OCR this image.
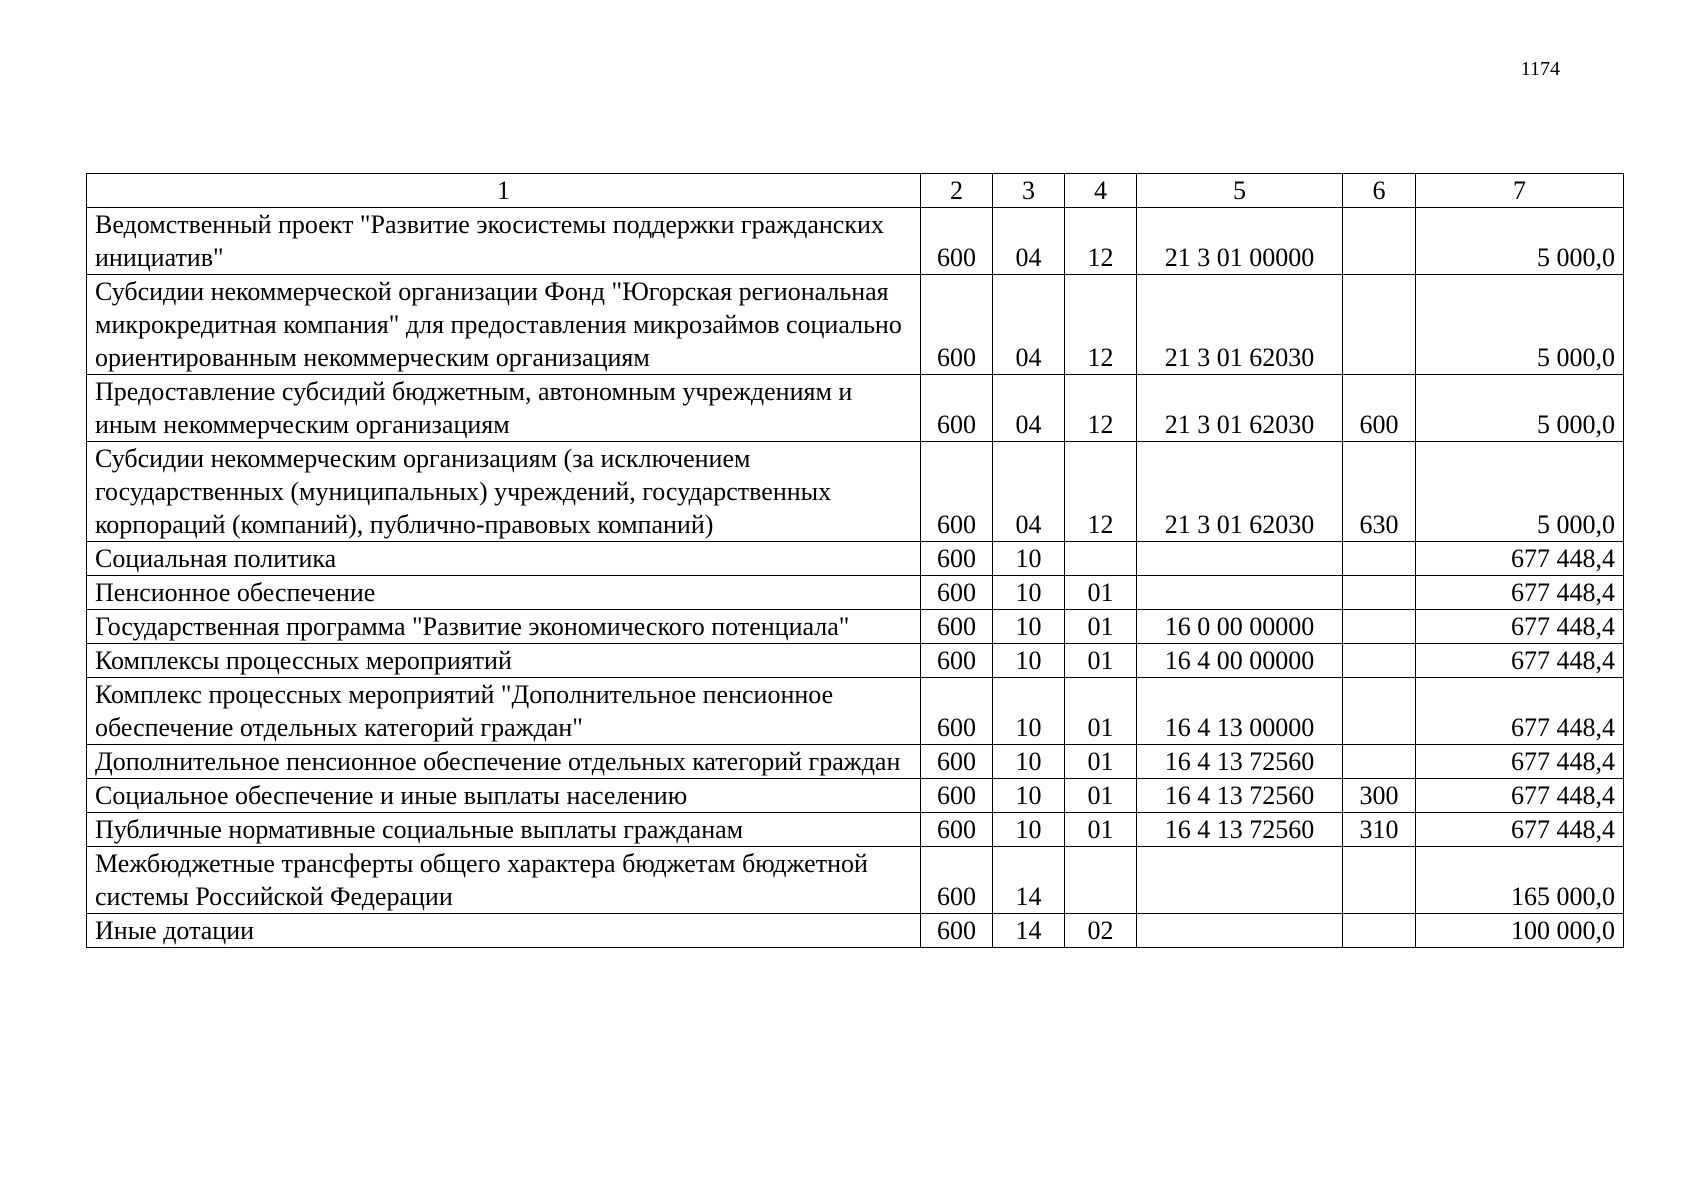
1174
1	2	3	4	5	6	7
Ведомственный проект "Развитие экосистемы поддержки гражданских инициатив"	600	04	12	21 3 01 00000		5 000,0
Субсидии некоммерческой организации Фонд "Югорская региональная микрокредитная компания" для предоставления микрозаймов социально ориентированным некоммерческим организациям	600	04	12	21 3 01 62030		5 000,0
Предоставление субсидий бюджетным, автономным учреждениям и иным некоммерческим организациям	600	04	12	21 3 01 62030	600	5 000,0
Субсидии некоммерческим организациям (за исключением государственных (муниципальных) учреждений, государственных корпораций (компаний), публично-правовых компаний)	600	04	12	21 3 01 62030	630	5 000,0
Социальная политика	600	10				677 448,4
Пенсионное обеспечение	600	10	01			677 448,4
Государственная программа "Развитие экономического потенциала"	600	10	01	16 0 00 00000		677 448,4
Комплексы процессных мероприятий	600	10	01	16 4 00 00000		677 448,4
Комплекс процессных мероприятий "Дополнительное пенсионное обеспечение отдельных категорий граждан"	600	10	01	16 4 13 00000		677 448,4
Дополнительное пенсионное обеспечение отдельных категорий граждан	600	10	01	16 4 13 72560		677 448,4
Социальное обеспечение и иные выплаты населению	600	10	01	16 4 13 72560	300	677 448,4
Публичные нормативные социальные выплаты гражданам	600	10	01	16 4 13 72560	310	677 448,4
Межбюджетные трансферты общего характера бюджетам бюджетной системы Российской Федерации	600	14				165 000,0
Иные дотации	600	14	02			100 000,0
